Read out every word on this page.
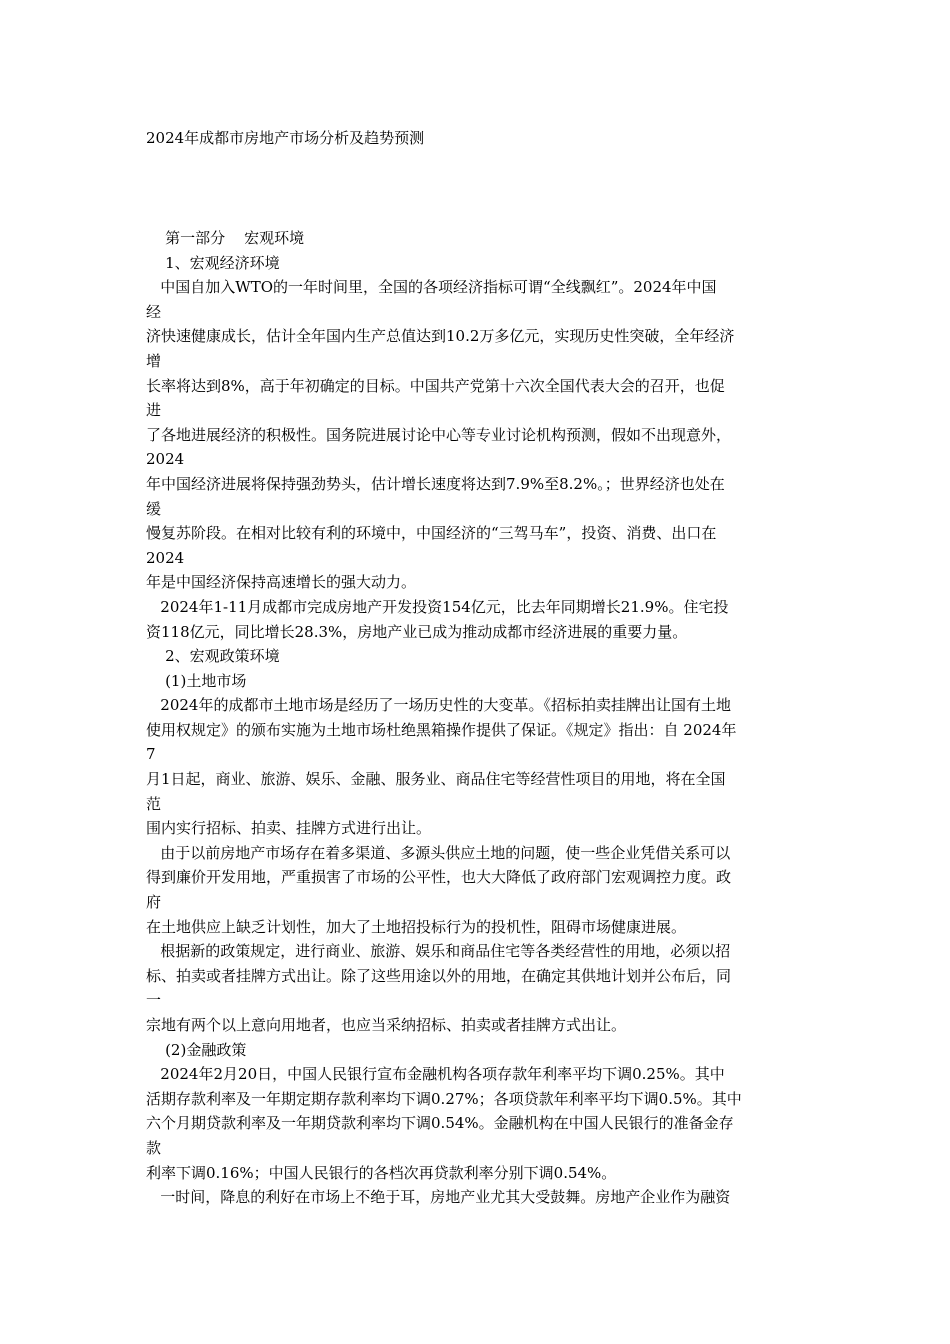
2024年成都市房地产市场分析及趋势预测
第一部分    宏观环境
1、宏观经济环境
中国自加入WTO的一年时间里，全国的各项经济指标可谓“全线飘红”。2024年中国
经
济快速健康成长，估计全年国内生产总值达到10.2万多亿元，实现历史性突破，全年经济
增
长率将达到8%，高于年初确定的目标。中国共产党第十六次全国代表大会的召开，也促
进
了各地进展经济的积极性。国务院进展讨论中心等专业讨论机构预测，假如不出现意外，
2024
年中国经济进展将保持强劲势头，估计增长速度将达到7.9%至8.2%。；世界经济也处在
缓
慢复苏阶段。在相对比较有利的环境中，中国经济的“三驾马车”，投资、消费、出口在
2024
年是中国经济保持高速增长的强大动力。
2024年1-11月成都市完成房地产开发投资154亿元，比去年同期增长21.9%。住宅投
资118亿元，同比增长28.3%，房地产业已成为推动成都市经济进展的重要力量。
2、宏观政策环境
(1)土地市场
2024年的成都市土地市场是经历了一场历史性的大变革。《招标拍卖挂牌出让国有土地
使用权规定》的颁布实施为土地市场杜绝黑箱操作提供了保证。《规定》指出：自 2024年
7
月1日起，商业、旅游、娱乐、金融、服务业、商品住宅等经营性项目的用地，将在全国
范
围内实行招标、拍卖、挂牌方式进行出让。
由于以前房地产市场存在着多渠道、多源头供应土地的问题，使一些企业凭借关系可以
得到廉价开发用地，严重损害了市场的公平性，也大大降低了政府部门宏观调控力度。政
府
在土地供应上缺乏计划性，加大了土地招投标行为的投机性，阻碍市场健康进展。
根据新的政策规定，进行商业、旅游、娱乐和商品住宅等各类经营性的用地，必须以招
标、拍卖或者挂牌方式出让。除了这些用途以外的用地，在确定其供地计划并公布后，同
一
宗地有两个以上意向用地者，也应当采纳招标、拍卖或者挂牌方式出让。
(2)金融政策
2024年2月20日，中国人民银行宣布金融机构各项存款年利率平均下调0.25%。其中
活期存款利率及一年期定期存款利率均下调0.27%；各项贷款年利率平均下调0.5%。其中
六个月期贷款利率及一年期贷款利率均下调0.54%。金融机构在中国人民银行的准备金存
款
利率下调0.16%；中国人民银行的各档次再贷款利率分别下调0.54%。
一时间，降息的利好在市场上不绝于耳，房地产业尤其大受鼓舞。房地产企业作为融资
